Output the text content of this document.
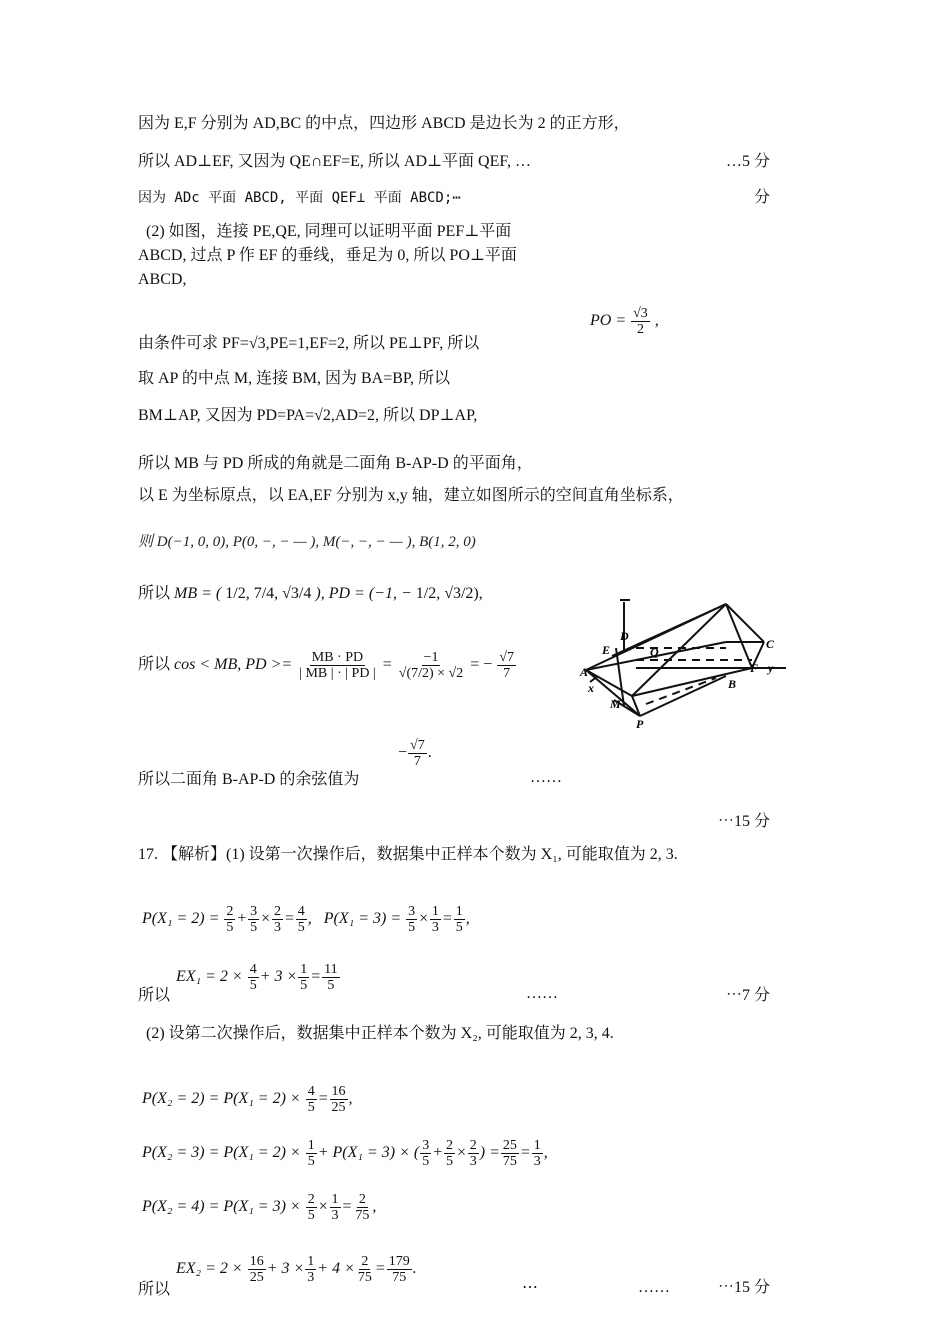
因为 E,F 分别为 AD,BC 的中点，四边形 ABCD 是边长为 2 的正方形，
所以 AD⊥EF, 又因为 QE∩EF=E, 所以 AD⊥平面 QEF, …	…5 分
因为 ADc 平面 ABCD, 平面 QEF⊥ 平面 ABCD;⋯	分
(2) 如图，连接 PE,QE, 同理可以证明平面 PEF⊥平面
ABCD, 过点 P 作 EF 的垂线，垂足为 0, 所以 PO⊥平面
ABCD,
由条件可求 PF=√3,PE=1,EF=2, 所以 PE⊥PF, 所以
PO = $\frac{√3}{2}$ ,
取 AP 的中点 M, 连接 BM, 因为 BA=BP, 所以
BM⊥AP, 又因为 PD=PA=√2,AD=2, 所以 DP⊥AP,
所以 MB 与 PD 所成的角就是二面角 B-AP-D 的平面角，
以 E 为坐标原点，以 EA,EF 分别为 x,y 轴，建立如图所示的空间直角坐标系，
则 D(−1, 0, 0), P(0, −, − — ), M(−, −, − — ), B(1, 2, 0)
所以 MB = ( 1/2, 7/4, √3/4 ), PD = (−1, − 1/2, √3/2),
所以 cos < MB, PD >= $\frac{MB \cdot PD}{| MB | \cdot | PD |} = \frac{-1}{√(7/2) \times √2}$ = − $\frac{√7}{7}$	E
D
Q
C
A	F y
x	B
M
P
所以二面角 B-AP-D 的余弦值为
− $\frac{√7}{7}$ .
……
⋯15 分
17. 【解析】(1) 设第一次操作后，数据集中正样本个数为 X₁, 可能取值为 2, 3.
$P(X_1 = 2) = \frac{2}{5} + \frac{3}{5} \times \frac{2}{3} = \frac{4}{5}$ ,   $P(X_1 = 3) = \frac{3}{5} \times \frac{1}{3} = \frac{1}{5}$ ,
所以
$EX_1 = 2 \times \frac{4}{5} + 3 \times \frac{1}{5} = \frac{11}{5}$
……	⋯7 分
(2) 设第二次操作后，数据集中正样本个数为 X₂, 可能取值为 2, 3, 4.
$P(X_2 = 2) = P(X_1 = 2) \times \frac{4}{5} = \frac{16}{25}$ ,
$P(X_2 = 3) = P(X_1 = 2) \times \frac{1}{5} + P(X_1 = 3)$ × ( $\frac{3}{5} + \frac{2}{5} \times \frac{2}{3}$ ) = $\frac{25}{75} = \frac{1}{3}$ ,
$P(X_2 = 4) = P(X_1 = 3) \times \frac{2}{5} \times \frac{1}{3} = \frac{2}{75}$ ,
所以
$EX_2 = 2 \times \frac{16}{25} + 3 \times \frac{1}{3} + 4 \times \frac{2}{75} = \frac{179}{75}$ .
⋯	……	⋯15 分
